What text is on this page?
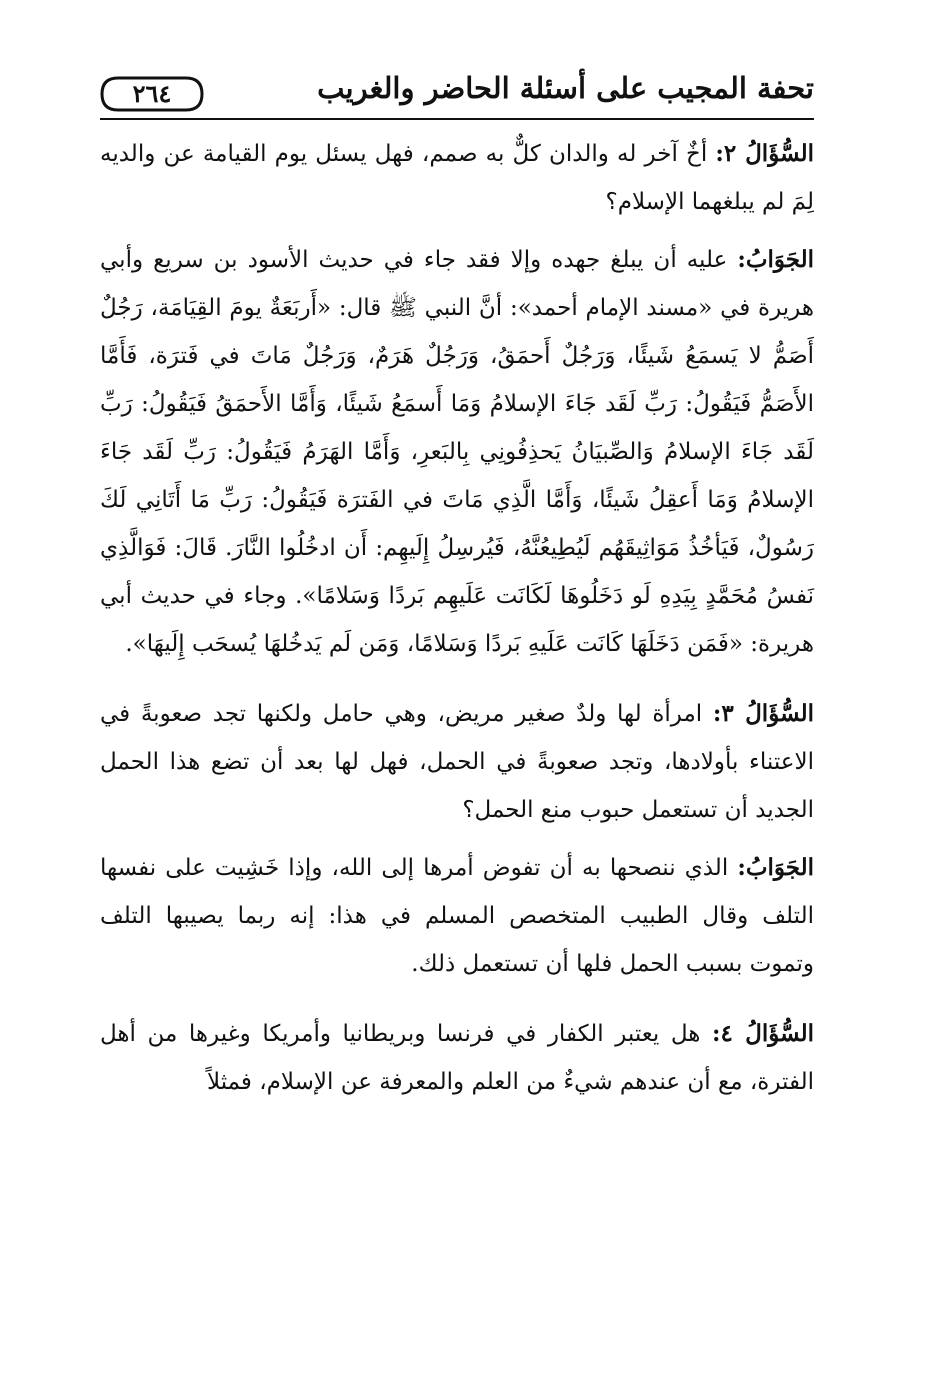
تحفة المجيب على أسئلة الحاضر والغريب
٢٦٤

السُّؤَالُ ٢: أخٌ آخر له والدان كلٌّ به صمم، فهل يسئل يوم القيامة عن والديه لِمَ لم يبلغهما الإسلام؟

الجَوَابُ: عليه أن يبلغ جهده وإلا فقد جاء في حديث الأسود بن سريع وأبي هريرة في «مسند الإمام أحمد»: أنَّ النبي ﷺ قال: «أَربَعَةٌ يومَ القِيَامَة، رَجُلٌ أَصَمُّ لا يَسمَعُ شَيئًا، وَرَجُلٌ أَحمَقُ، وَرَجُلٌ هَرَمٌ، وَرَجُلٌ مَاتَ في فَترَة، فَأَمَّا الأَصَمُّ فَيَقُولُ: رَبِّ لَقَد جَاءَ الإسلامُ وَمَا أَسمَعُ شَيئًا، وَأَمَّا الأَحمَقُ فَيَقُولُ: رَبِّ لَقَد جَاءَ الإسلامُ وَالصِّبيَانُ يَحذِفُونِي بِالبَعرِ، وَأَمَّا الهَرَمُ فَيَقُولُ: رَبِّ لَقَد جَاءَ الإسلامُ وَمَا أَعقِلُ شَيئًا، وَأَمَّا الَّذِي مَاتَ في الفَترَة فَيَقُولُ: رَبِّ مَا أَتَانِي لَكَ رَسُولٌ، فَيَأخُذُ مَوَاثِيقَهُم لَيُطِيعُنَّهُ، فَيُرسِلُ إِلَيهِم: أَن ادخُلُوا النَّارَ. قَالَ: فَوَالَّذِي نَفسُ مُحَمَّدٍ بِيَدِهِ لَو دَخَلُوهَا لَكَانَت عَلَيهِم بَردًا وَسَلامًا». وجاء في حديث أبي هريرة: «فَمَن دَخَلَهَا كَانَت عَلَيهِ بَردًا وَسَلامًا، وَمَن لَم يَدخُلهَا يُسحَب إِلَيهَا».

السُّؤَالُ ٣: امرأة لها ولدٌ صغير مريض، وهي حامل ولكنها تجد صعوبةً في الاعتناء بأولادها، وتجد صعوبةً في الحمل، فهل لها بعد أن تضع هذا الحمل الجديد أن تستعمل حبوب منع الحمل؟

الجَوَابُ: الذي ننصحها به أن تفوض أمرها إلى الله، وإذا خَشِيت على نفسها التلف وقال الطبيب المتخصص المسلم في هذا: إنه ربما يصيبها التلف وتموت بسبب الحمل فلها أن تستعمل ذلك.

السُّؤَالُ ٤: هل يعتبر الكفار في فرنسا وبريطانيا وأمريكا وغيرها من أهل الفترة، مع أن عندهم شيءٌ من العلم والمعرفة عن الإسلام، فمثلاً
